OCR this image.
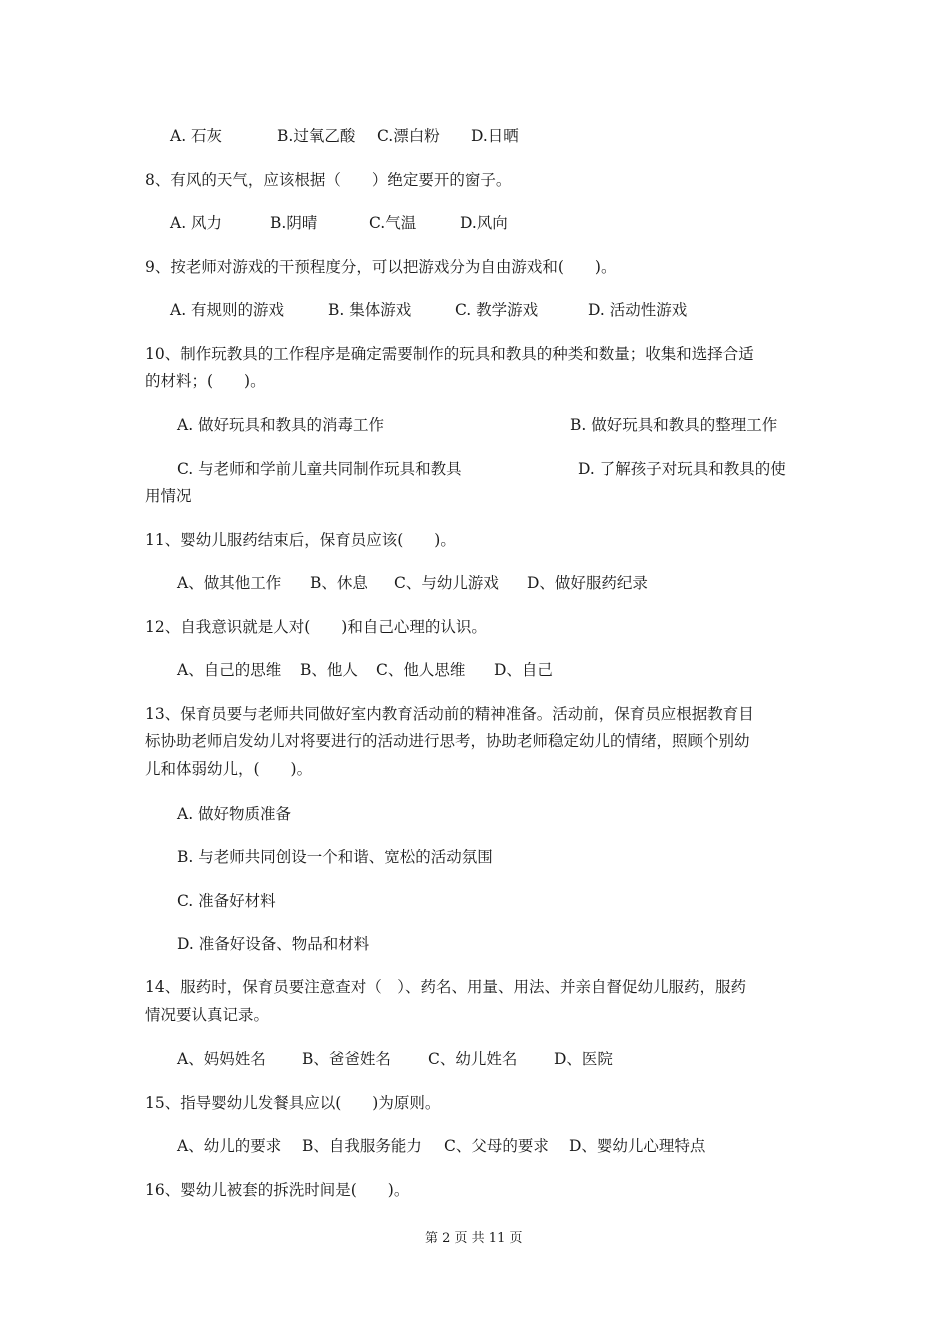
A. 石灰	B.过氧乙酸 C.漂白粉 D.日晒
8、有风的天气，应该根据（　　）绝定要开的窗子。
A. 风力	B.阴晴	C.气温	D.风向
9、按老师对游戏的干预程度分，可以把游戏分为自由游戏和(　　)。
A. 有规则的游戏	B. 集体游戏	C. 教学游戏	D. 活动性游戏
10、制作玩教具的工作程序是确定需要制作的玩具和教具的种类和数量；收集和选择合适
的材料；(　　)。
A. 做好玩具和教具的消毒工作	B. 做好玩具和教具的整理工作
C. 与老师和学前儿童共同制作玩具和教具	D. 了解孩子对玩具和教具的使
用情况
11、婴幼儿服药结束后，保育员应该(　　)。
A、做其他工作 B、休息 C、与幼儿游戏 D、做好服药纪录
12、自我意识就是人对(　　)和自己心理的认识。
A、自己的思维 B、他人 C、他人思维 D、自己
13、保育员要与老师共同做好室内教育活动前的精神准备。活动前，保育员应根据教育目
标协助老师启发幼儿对将要进行的活动进行思考，协助老师稳定幼儿的情绪，照顾个别幼
儿和体弱幼儿，(　　)。
A. 做好物质准备
B. 与老师共同创设一个和谐、宽松的活动氛围
C. 准备好材料
D. 准备好设备、物品和材料
14、服药时，保育员要注意查对（　）、药名、用量、用法、并亲自督促幼儿服药，服药
情况要认真记录。
A、妈妈姓名 B、爸爸姓名 C、幼儿姓名 D、医院
15、指导婴幼儿发餐具应以(　　)为原则。
A、幼儿的要求 B、自我服务能力 C、父母的要求 D、婴幼儿心理特点
16、婴幼儿被套的拆洗时间是(　　)。
第 2 页 共 11 页
